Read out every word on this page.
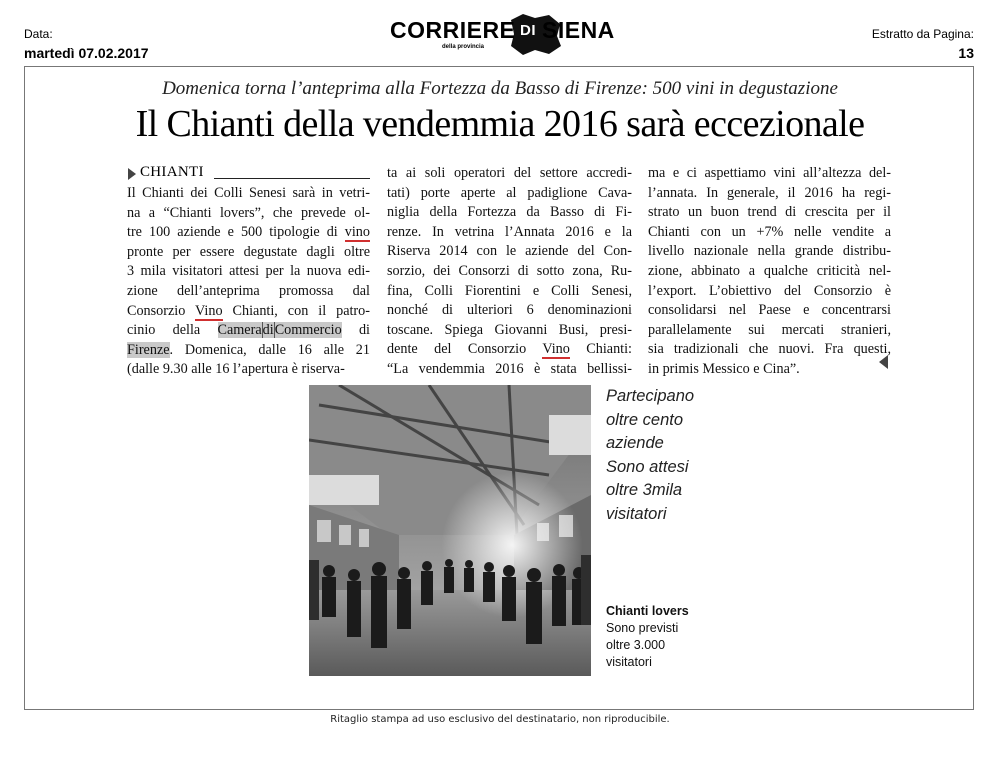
Data:
martedì 07.02.2017
Estratto da Pagina:
13
CORRIERE DI SIENA
della provincia
Domenica torna l’anteprima alla Fortezza da Basso di Firenze: 500 vini in degustazione
Il Chianti della vendemmia 2016 sarà eccezionale
CHIANTI
Il Chianti dei Colli Senesi sarà in vetri-
na a “Chianti lovers”, che prevede ol-
tre 100 aziende e 500 tipologie di vino
pronte per essere degustate dagli oltre
3 mila visitatori attesi per la nuova edi-
zione dell’anteprima promossa dal
Consorzio Vino Chianti, con il patro-
cinio della CameradiCommercio di
Firenze. Domenica, dalle 16 alle 21
(dalle 9.30 alle 16 l’apertura è riserva-
ta ai soli operatori del settore accredi-
tati) porte aperte al padiglione Cava-
niglia della Fortezza da Basso di Fi-
renze. In vetrina l’Annata 2016 e la
Riserva 2014 con le aziende del Con-
sorzio, dei Consorzi di sotto zona, Ru-
fina, Colli Fiorentini e Colli Senesi,
nonché di ulteriori 6 denominazioni
toscane. Spiega Giovanni Busi, presi-
dente del Consorzio Vino Chianti:
“La vendemmia 2016 è stata bellissi-
ma e ci aspettiamo vini all’altezza del-
l’annata. In generale, il 2016 ha regi-
strato un buon trend di crescita per il
Chianti con un +7% nelle vendite a
livello nazionale nella grande distribu-
zione, abbinato a qualche criticità nel-
l’export. L’obiettivo del Consorzio è
consolidarsi nel Paese e concentrarsi
parallelamente sui mercati stranieri,
sia tradizionali che nuovi. Fra questi,
in primis Messico e Cina”.
Partecipano
oltre cento
aziende
Sono attesi
oltre 3mila
visitatori
Chianti lovers
Sono previsti
oltre 3.000
visitatori
Ritaglio stampa ad uso esclusivo del destinatario, non riproducibile.
